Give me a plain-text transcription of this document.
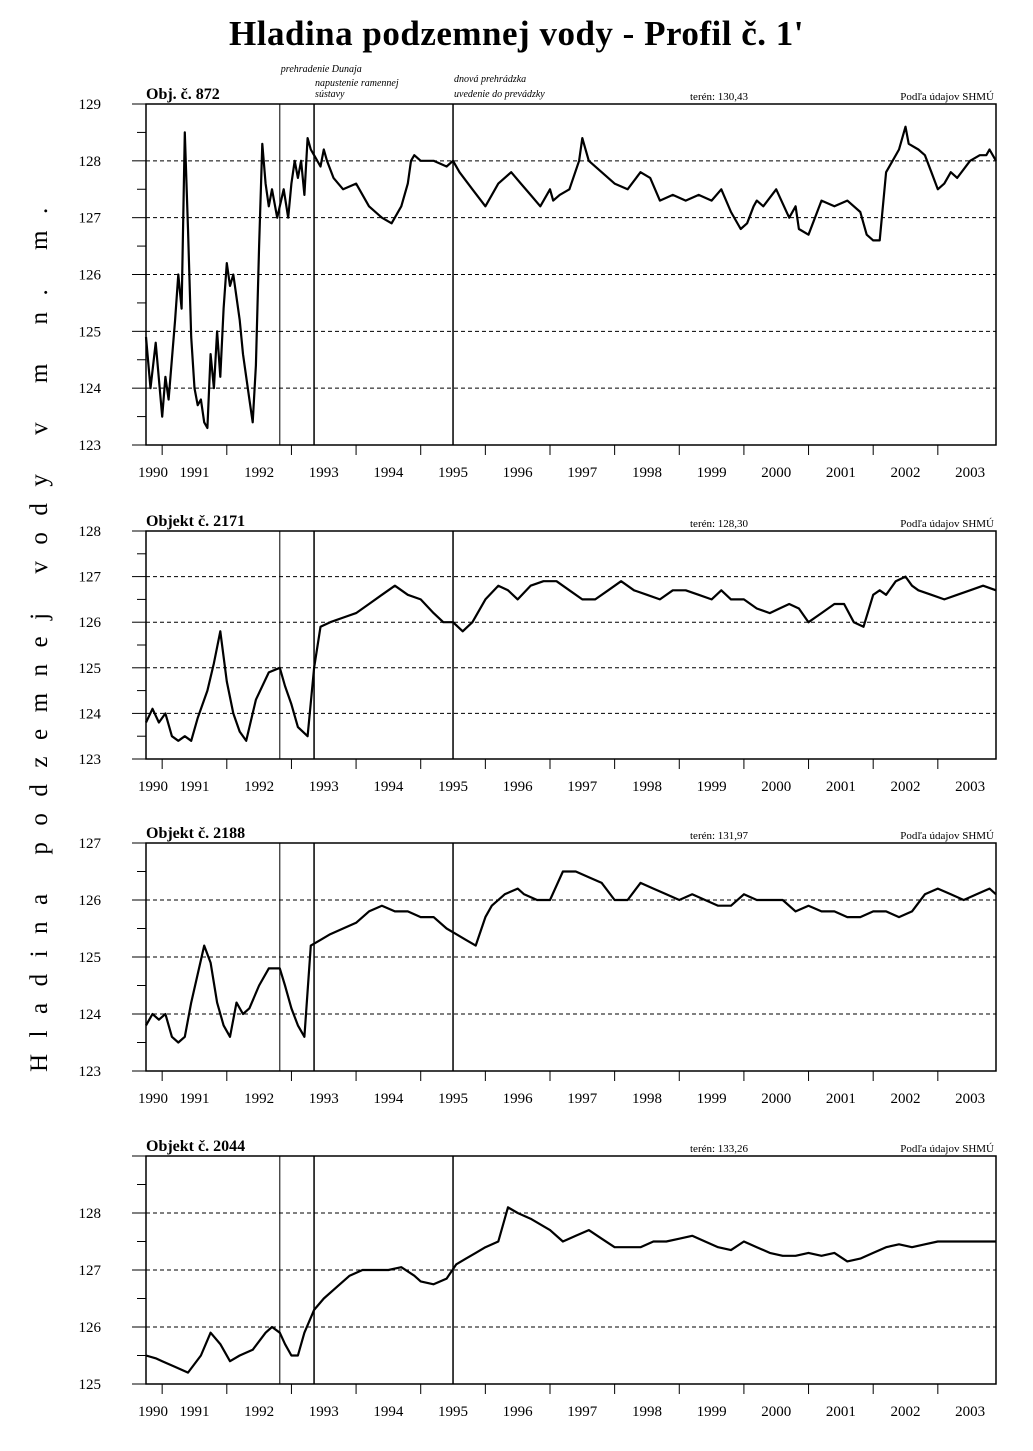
Hladina podzemnej vody - Profil č. 1'
Hladina podzemnej vody v m n. m. 123
124
125
126
127
128
129
1990 1991 1992 1993 1994 1995 1996 1997 1998 1999 2000 2001 2002 2003
Obj. č. 872	terén: 130,43	Podľa údajov SHMÚ
123
124
125
126
127
128
1990 1991 1992 1993 1994 1995 1996 1997 1998 1999 2000 2001 2002 2003
Objekt č. 2171	terén: 128,30	Podľa údajov SHMÚ
123
124
125
126
127
1990 1991 1992 1993 1994 1995 1996 1997 1998 1999 2000 2001 2002 2003
Objekt č. 2188	terén: 131,97	Podľa údajov SHMÚ
125
126
127
128
1990 1991 1992 1993 1994 1995 1996 1997 1998 1999 2000 2001 2002 2003
Objekt č. 2044	terén: 133,26	Podľa údajov SHMÚ
prehradenie Dunaja
napustenie ramennej
sústavy
dnová prehrádzka
uvedenie do prevádzky
